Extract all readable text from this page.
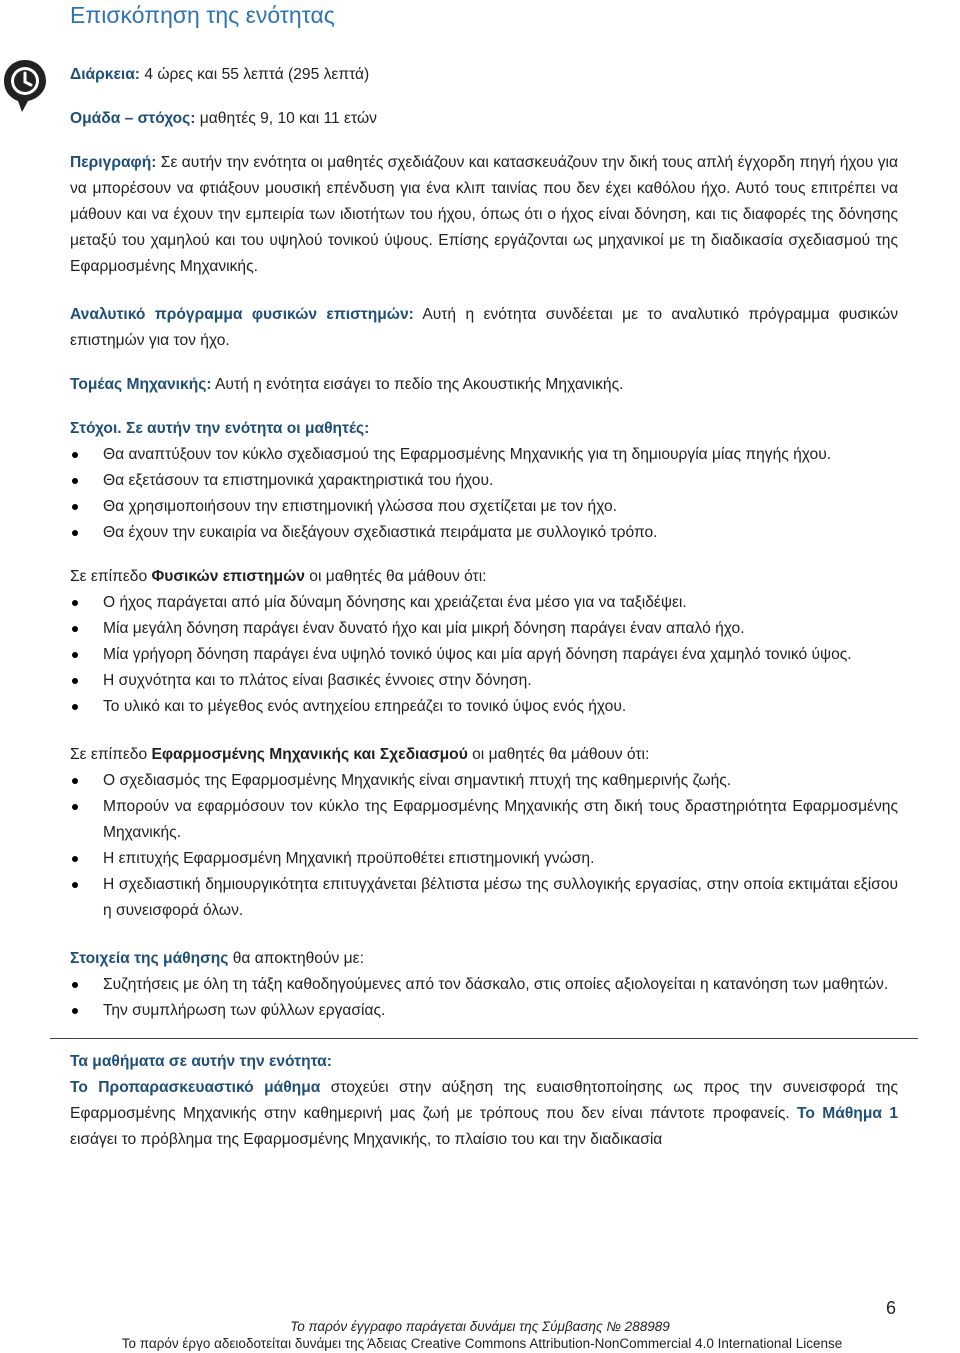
Επισκόπηση της ενότητας

Διάρκεια: 4 ώρες και 55 λεπτά (295 λεπτά)

Ομάδα – στόχος: μαθητές 9, 10 και 11 ετών

Περιγραφή: Σε αυτήν την ενότητα οι μαθητές σχεδιάζουν και κατασκευάζουν την δική τους απλή έγχορδη πηγή ήχου για να μπορέσουν να φτιάξουν μουσική επένδυση για ένα κλιπ ταινίας που δεν έχει καθόλου ήχο. Αυτό τους επιτρέπει να μάθουν και να έχουν την εμπειρία των ιδιοτήτων του ήχου, όπως ότι ο ήχος είναι δόνηση, και τις διαφορές της δόνησης μεταξύ του χαμηλού και του υψηλού τονικού ύψους. Επίσης εργάζονται ως μηχανικοί με τη διαδικασία σχεδιασμού της Εφαρμοσμένης Μηχανικής.

Αναλυτικό πρόγραμμα φυσικών επιστημών: Αυτή η ενότητα συνδέεται με το αναλυτικό πρόγραμμα φυσικών επιστημών για τον ήχο.

Τομέας Μηχανικής: Αυτή η ενότητα εισάγει το πεδίο της Ακουστικής Μηχανικής.

Στόχοι. Σε αυτήν την ενότητα οι μαθητές:

Θα αναπτύξουν τον κύκλο σχεδιασμού της Εφαρμοσμένης Μηχανικής για τη δημιουργία μίας πηγής ήχου.
Θα εξετάσουν τα επιστημονικά χαρακτηριστικά του ήχου.
Θα χρησιμοποιήσουν την επιστημονική γλώσσα που σχετίζεται με τον ήχο.
Θα έχουν την ευκαιρία να διεξάγουν σχεδιαστικά πειράματα με συλλογικό τρόπο.

Σε επίπεδο Φυσικών επιστημών οι μαθητές θα μάθουν ότι:

Ο ήχος παράγεται από μία δύναμη δόνησης και χρειάζεται ένα μέσο για να ταξιδέψει.
Μία μεγάλη δόνηση παράγει έναν δυνατό ήχο και μία μικρή δόνηση παράγει έναν απαλό ήχο.
Μία γρήγορη δόνηση παράγει ένα υψηλό τονικό ύψος και μία αργή δόνηση παράγει ένα χαμηλό τονικό ύψος.
Η συχνότητα και το πλάτος είναι βασικές έννοιες στην δόνηση.
Το υλικό και το μέγεθος ενός αντηχείου επηρεάζει το τονικό ύψος ενός ήχου.

Σε επίπεδο Εφαρμοσμένης Μηχανικής και Σχεδιασμού οι μαθητές θα μάθουν ότι:

Ο σχεδιασμός της Εφαρμοσμένης Μηχανικής είναι σημαντική πτυχή της καθημερινής ζωής.
Μπορούν να εφαρμόσουν τον κύκλο της Εφαρμοσμένης Μηχανικής στη δική τους δραστηριότητα Εφαρμοσμένης Μηχανικής.
Η επιτυχής Εφαρμοσμένη Μηχανική προϋποθέτει επιστημονική γνώση.
Η σχεδιαστική δημιουργικότητα επιτυγχάνεται βέλτιστα μέσω της συλλογικής εργασίας, στην οποία εκτιμάται εξίσου η συνεισφορά όλων.

Στοιχεία της μάθησης θα αποκτηθούν με:

Συζητήσεις με όλη τη τάξη καθοδηγούμενες από τον δάσκαλο, στις οποίες αξιολογείται η κατανόηση των μαθητών.
Την συμπλήρωση των φύλλων εργασίας.

Τα μαθήματα σε αυτήν την ενότητα:

Το Προπαρασκευαστικό μάθημα στοχεύει στην αύξηση της ευαισθητοποίησης ως προς την συνεισφορά της Εφαρμοσμένης Μηχανικής στην καθημερινή μας ζωή με τρόπους που δεν είναι πάντοτε προφανείς. Το Μάθημα 1 εισάγει το πρόβλημα της Εφαρμοσμένης Μηχανικής, το πλαίσιο του και την διαδικασία

6
Το παρόν έγγραφο παράγεται δυνάμει της Σύμβασης № 288989
Το παρόν έργο αδειοδοτείται δυνάμει της Άδειας Creative Commons Attribution-NonCommercial 4.0 International License
